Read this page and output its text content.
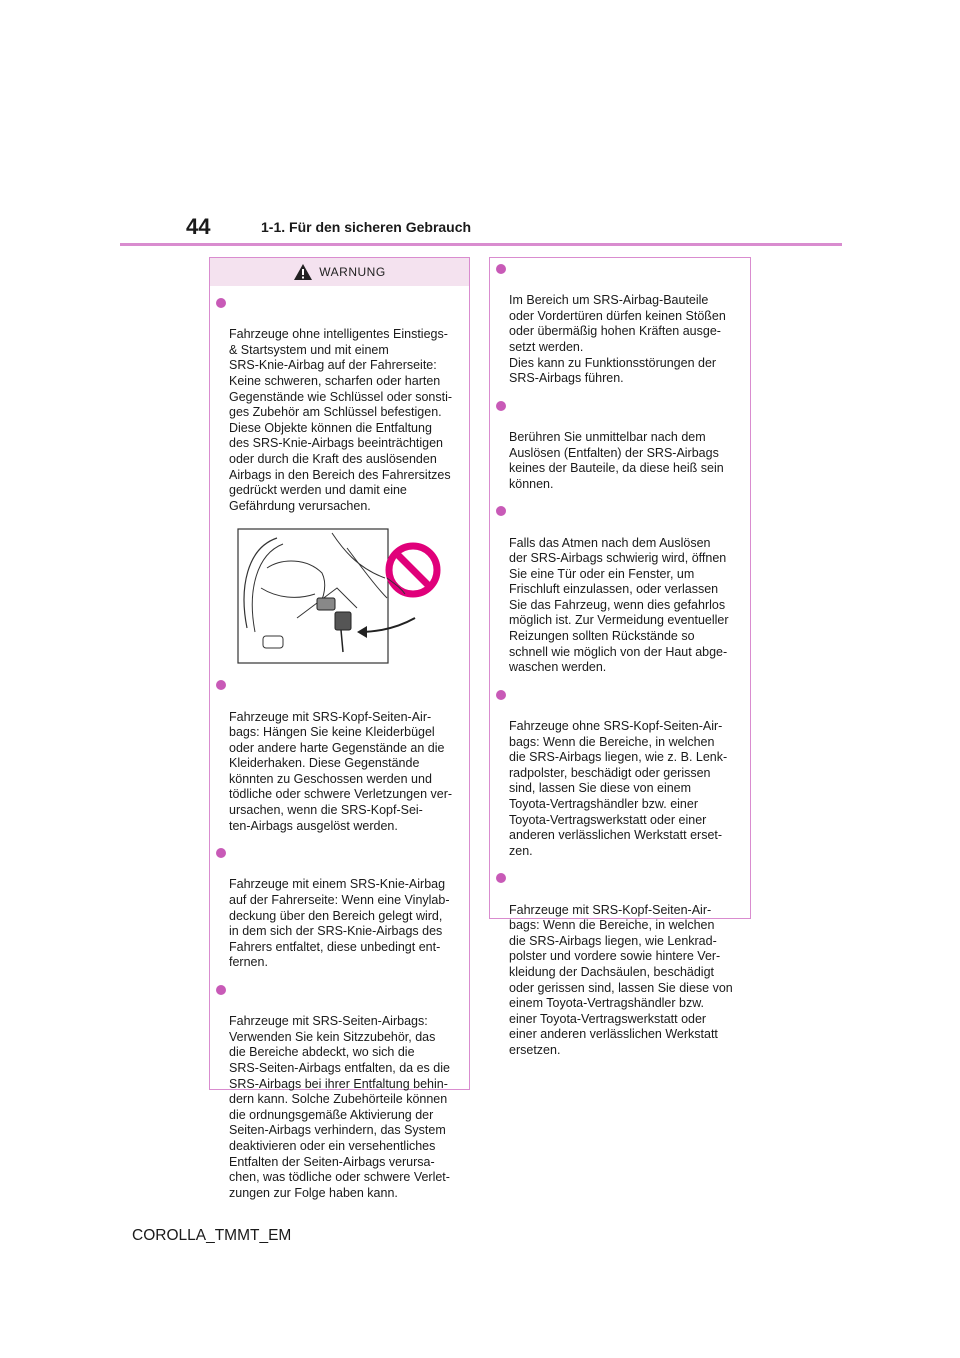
44	1-1. Für den sicheren Gebrauch
WARNUNG

Fahrzeuge ohne intelligentes Einstiegs-
& Startsystem und mit einem
SRS-Knie-Airbag auf der Fahrerseite:
Keine schweren, scharfen oder harten
Gegenstände wie Schlüssel oder sonsti-
ges Zubehör am Schlüssel befestigen.
Diese Objekte können die Entfaltung
des SRS-Knie-Airbags beeinträchtigen
oder durch die Kraft des auslösenden
Airbags in den Bereich des Fahrersitzes
gedrückt werden und damit eine
Gefährdung verursachen.

Fahrzeuge mit SRS-Kopf-Seiten-Air-
bags: Hängen Sie keine Kleiderbügel
oder andere harte Gegenstände an die
Kleiderhaken. Diese Gegenstände
könnten zu Geschossen werden und
tödliche oder schwere Verletzungen ver-
ursachen, wenn die SRS-Kopf-Sei-
ten-Airbags ausgelöst werden.

Fahrzeuge mit einem SRS-Knie-Airbag
auf der Fahrerseite: Wenn eine Vinylab-
deckung über den Bereich gelegt wird,
in dem sich der SRS-Knie-Airbags des
Fahrers entfaltet, diese unbedingt ent-
fernen.

Fahrzeuge mit SRS-Seiten-Airbags:
Verwenden Sie kein Sitzzubehör, das
die Bereiche abdeckt, wo sich die
SRS-Seiten-Airbags entfalten, da es die
SRS-Airbags bei ihrer Entfaltung behin-
dern kann. Solche Zubehörteile können
die ordnungsgemäße Aktivierung der
Seiten-Airbags verhindern, das System
deaktivieren oder ein versehentliches
Entfalten der Seiten-Airbags verursa-
chen, was tödliche oder schwere Verlet-
zungen zur Folge haben kann.

Im Bereich um SRS-Airbag-Bauteile
oder Vordertüren dürfen keinen Stößen
oder übermäßig hohen Kräften ausge-
setzt werden.
Dies kann zu Funktionsstörungen der
SRS-Airbags führen.

Berühren Sie unmittelbar nach dem
Auslösen (Entfalten) der SRS-Airbags
keines der Bauteile, da diese heiß sein
können.

Falls das Atmen nach dem Auslösen
der SRS-Airbags schwierig wird, öffnen
Sie eine Tür oder ein Fenster, um
Frischluft einzulassen, oder verlassen
Sie das Fahrzeug, wenn dies gefahrlos
möglich ist. Zur Vermeidung eventueller
Reizungen sollten Rückstände so
schnell wie möglich von der Haut abge-
waschen werden.

Fahrzeuge ohne SRS-Kopf-Seiten-Air-
bags: Wenn die Bereiche, in welchen
die SRS-Airbags liegen, wie z. B. Lenk-
radpolster, beschädigt oder gerissen
sind, lassen Sie diese von einem
Toyota-Vertragshändler bzw. einer
Toyota-Vertragswerkstatt oder einer
anderen verlässlichen Werkstatt erset-
zen.

Fahrzeuge mit SRS-Kopf-Seiten-Air-
bags: Wenn die Bereiche, in welchen
die SRS-Airbags liegen, wie Lenkrad-
polster und vordere sowie hintere Ver-
kleidung der Dachsäulen, beschädigt
oder gerissen sind, lassen Sie diese von
einem Toyota-Vertragshändler bzw.
einer Toyota-Vertragswerkstatt oder
einer anderen verlässlichen Werkstatt
ersetzen.

COROLLA_TMMT_EM
